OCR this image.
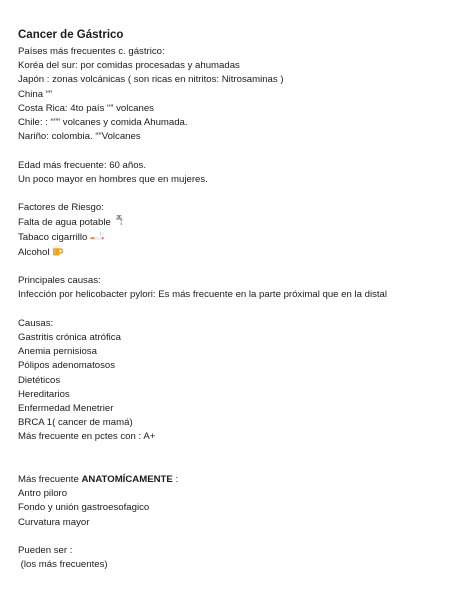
Cancer de Gástrico
Países más frecuentes c. gástrico:
Koréa del sur: por comidas procesadas y ahumadas
Japón : zonas volcánicas ( son ricas en nitritos: Nitrosaminas )
China “”
Costa Rica: 4to país “” volcanes
Chile: : “”” volcanes y comida Ahumada.
Nariño: colombia. “”Volcanes
Edad más frecuente: 60 años.
Un poco mayor en hombres que en mujeres.
Factores de Riesgo:
Falta de agua potable
Tabaco cigarrillo
Alcohol
Principales causas:
Infección por helicobacter pylori: Es más frecuente en la parte próximal que en la distal
Causas:
Gastritis crónica atrófica
Anemia pernisiosa
Pólipos adenomatosos
Dietéticos
Hereditarios
Enfermedad Menetrier
BRCA 1( cancer de mamá)
Más frecuente en pctes con : A+
Más frecuente ANATOMÍCAMENTE :
Antro piloro
Fondo y unión gastroesofagico
Curvatura mayor
Pueden ser :
(los más frecuentes)
